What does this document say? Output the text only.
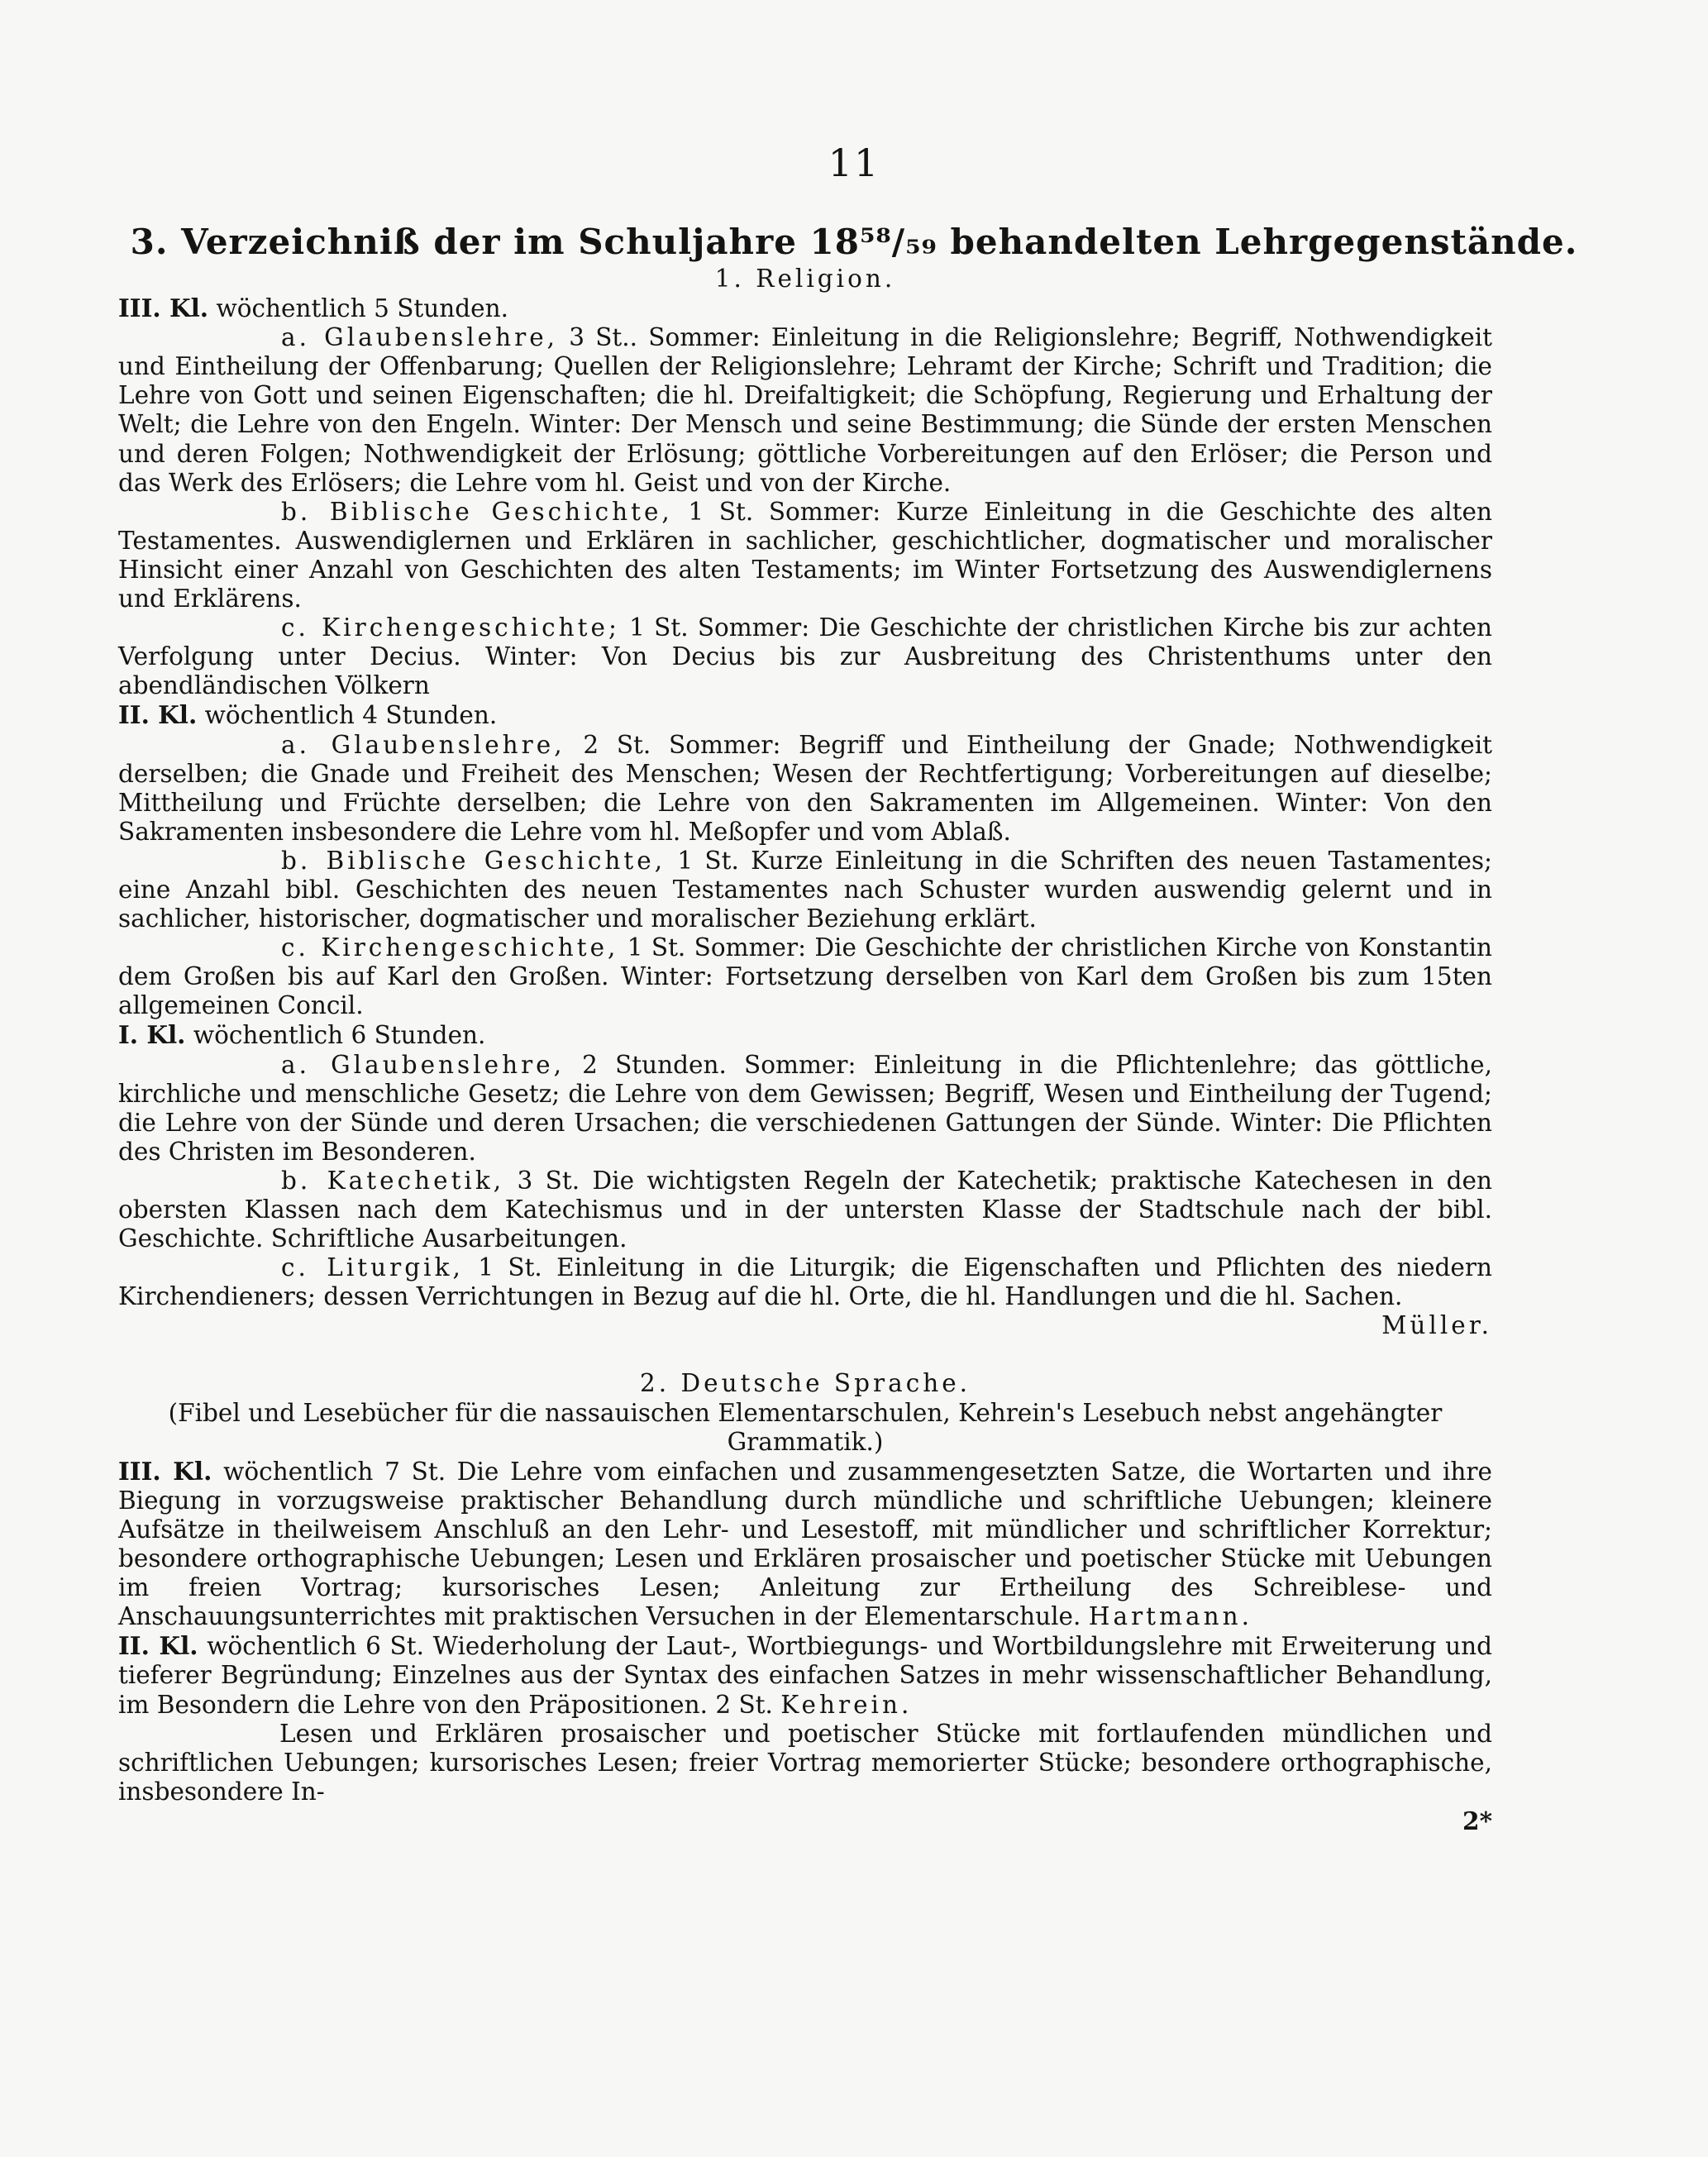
11
3. Verzeichniß der im Schuljahre 18⁵⁸/₅₉ behandelten Lehrgegenstände.

1. Religion.

III. Kl. wöchentlich 5 Stunden.

a. Glaubenslehre, 3 St.. Sommer: Einleitung in die Religionslehre; Begriff, Nothwendigkeit und Eintheilung der Offenbarung; Quellen der Religionslehre; Lehramt der Kirche; Schrift und Tradition; die Lehre von Gott und seinen Eigenschaften; die hl. Dreifaltigkeit; die Schöpfung, Regierung und Erhaltung der Welt; die Lehre von den Engeln. Winter: Der Mensch und seine Bestimmung; die Sünde der ersten Menschen und deren Folgen; Nothwendigkeit der Erlösung; göttliche Vorbereitungen auf den Erlöser; die Person und das Werk des Erlösers; die Lehre vom hl. Geist und von der Kirche.

b. Biblische Geschichte, 1 St. Sommer: Kurze Einleitung in die Geschichte des alten Testamentes. Auswendiglernen und Erklären in sachlicher, geschichtlicher, dogmatischer und moralischer Hinsicht einer Anzahl von Geschichten des alten Testaments; im Winter Fortsetzung des Auswendiglernens und Erklärens.

c. Kirchengeschichte; 1 St. Sommer: Die Geschichte der christlichen Kirche bis zur achten Verfolgung unter Decius. Winter: Von Decius bis zur Ausbreitung des Christenthums unter den abendländischen Völkern

II. Kl. wöchentlich 4 Stunden.

a. Glaubenslehre, 2 St. Sommer: Begriff und Eintheilung der Gnade; Nothwendigkeit derselben; die Gnade und Freiheit des Menschen; Wesen der Rechtfertigung; Vorbereitungen auf dieselbe; Mittheilung und Früchte derselben; die Lehre von den Sakramenten im Allgemeinen. Winter: Von den Sakramenten insbesondere die Lehre vom hl. Meßopfer und vom Ablaß.

b. Biblische Geschichte, 1 St. Kurze Einleitung in die Schriften des neuen Tastamentes; eine Anzahl bibl. Geschichten des neuen Testamentes nach Schuster wurden auswendig gelernt und in sachlicher, historischer, dogmatischer und moralischer Beziehung erklärt.

c. Kirchengeschichte, 1 St. Sommer: Die Geschichte der christlichen Kirche von Konstantin dem Großen bis auf Karl den Großen. Winter: Fortsetzung derselben von Karl dem Großen bis zum 15ten allgemeinen Concil.

I. Kl. wöchentlich 6 Stunden.

a. Glaubenslehre, 2 Stunden. Sommer: Einleitung in die Pflichtenlehre; das göttliche, kirchliche und menschliche Gesetz; die Lehre von dem Gewissen; Begriff, Wesen und Eintheilung der Tugend; die Lehre von der Sünde und deren Ursachen; die verschiedenen Gattungen der Sünde. Winter: Die Pflichten des Christen im Besonderen.

b. Katechetik, 3 St. Die wichtigsten Regeln der Katechetik; praktische Katechesen in den obersten Klassen nach dem Katechismus und in der untersten Klasse der Stadtschule nach der bibl. Geschichte. Schriftliche Ausarbeitungen.

c. Liturgik, 1 St. Einleitung in die Liturgik; die Eigenschaften und Pflichten des niedern Kirchendieners; dessen Verrichtungen in Bezug auf die hl. Orte, die hl. Handlungen und die hl. Sachen.

Müller.

2. Deutsche Sprache.

(Fibel und Lesebücher für die nassauischen Elementarschulen, Kehrein's Lesebuch nebst angehängter Grammatik.)

III. Kl. wöchentlich 7 St. Die Lehre vom einfachen und zusammengesetzten Satze, die Wortarten und ihre Biegung in vorzugsweise praktischer Behandlung durch mündliche und schriftliche Uebungen; kleinere Aufsätze in theilweisem Anschluß an den Lehr- und Lesestoff, mit mündlicher und schriftlicher Korrektur; besondere orthographische Uebungen; Lesen und Erklären prosaischer und poetischer Stücke mit Uebungen im freien Vortrag; kursorisches Lesen; Anleitung zur Ertheilung des Schreiblese- und Anschauungsunterrichtes mit praktischen Versuchen in der Elementarschule. Hartmann.

II. Kl. wöchentlich 6 St. Wiederholung der Laut-, Wortbiegungs- und Wortbildungslehre mit Erweiterung und tieferer Begründung; Einzelnes aus der Syntax des einfachen Satzes in mehr wissenschaftlicher Behandlung, im Besondern die Lehre von den Präpositionen. 2 St. Kehrein.

Lesen und Erklären prosaischer und poetischer Stücke mit fortlaufenden mündlichen und schriftlichen Uebungen; kursorisches Lesen; freier Vortrag memorierter Stücke; besondere orthographische, insbesondere In-

2*
